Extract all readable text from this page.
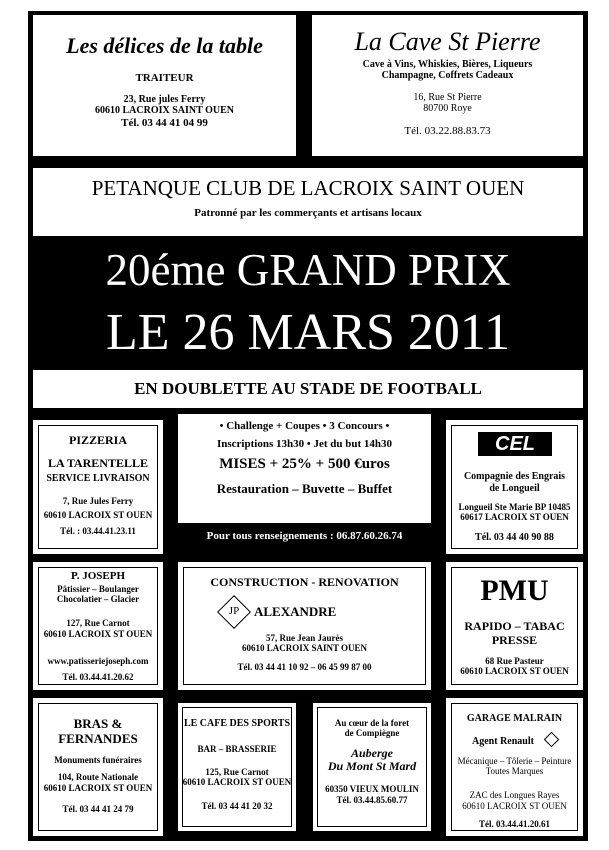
Les délices de la table
TRAITEUR
23, Rue jules Ferry
60610 LACROIX SAINT OUEN
Tél. 03 44 41 04 99
La Cave St Pierre
Cave à Vins, Whiskies, Bières, Liqueurs
Champagne, Coffrets Cadeaux
16, Rue St Pierre
80700 Roye
Tél. 03.22.88.83.73
PETANQUE CLUB DE LACROIX SAINT OUEN
Patronné par les commerçants et artisans locaux
20éme GRAND PRIX
LE 26 MARS 2011
EN DOUBLETTE AU STADE DE FOOTBALL
PIZZERIA
LA TARENTELLE
SERVICE LIVRAISON
7, Rue Jules Ferry
60610 LACROIX ST OUEN
Tél. : 03.44.41.23.11
• Challenge + Coupes • 3 Concours •
Inscriptions 13h30 • Jet du but 14h30
MISES + 25% + 500 €uros
Restauration – Buvette – Buffet
Pour tous renseignements : 06.87.60.26.74
CEL
Compagnie des Engrais
de Longueil
Longueil Ste Marie BP 10485
60617 LACROIX ST OUEN
Tél. 03 44 40 90 88
P. JOSEPH
Pâtissier – Boulanger
Chocolatier – Glacier
127, Rue Carnot
60610 LACROIX ST OUEN
www.patisseriejoseph.com
Tél. 03.44.41.20.62
CONSTRUCTION - RENOVATION
JP	ALEXANDRE
57, Rue Jean Jaurès
60610 LACROIX SAINT OUEN
Tél. 03 44 41 10 92 – 06 45 99 87 00
PMU
RAPIDO – TABAC
PRESSE
68 Rue Pasteur
60610 LACROIX ST OUEN
BRAS &
FERNANDES
Monuments funéraires
104, Route Nationale
60610 LACROIX ST OUEN
Tél. 03 44 41 24 79
LE CAFE DES SPORTS
BAR – BRASSERIE
125, Rue Carnot
60610 LACROIX ST OUEN
Tél. 03 44 41 20 32
Au cœur de la foret
de Compiègne
Auberge
Du Mont St Mard
60350 VIEUX MOULIN
Tél. 03.44.85.60.77
GARAGE MALRAIN
Agent Renault
Mécanique – Tôlerie – Peinture
Toutes Marques
ZAC des Longues Rayes
60610 LACROIX ST OUEN
Tél. 03.44.41.20.61
